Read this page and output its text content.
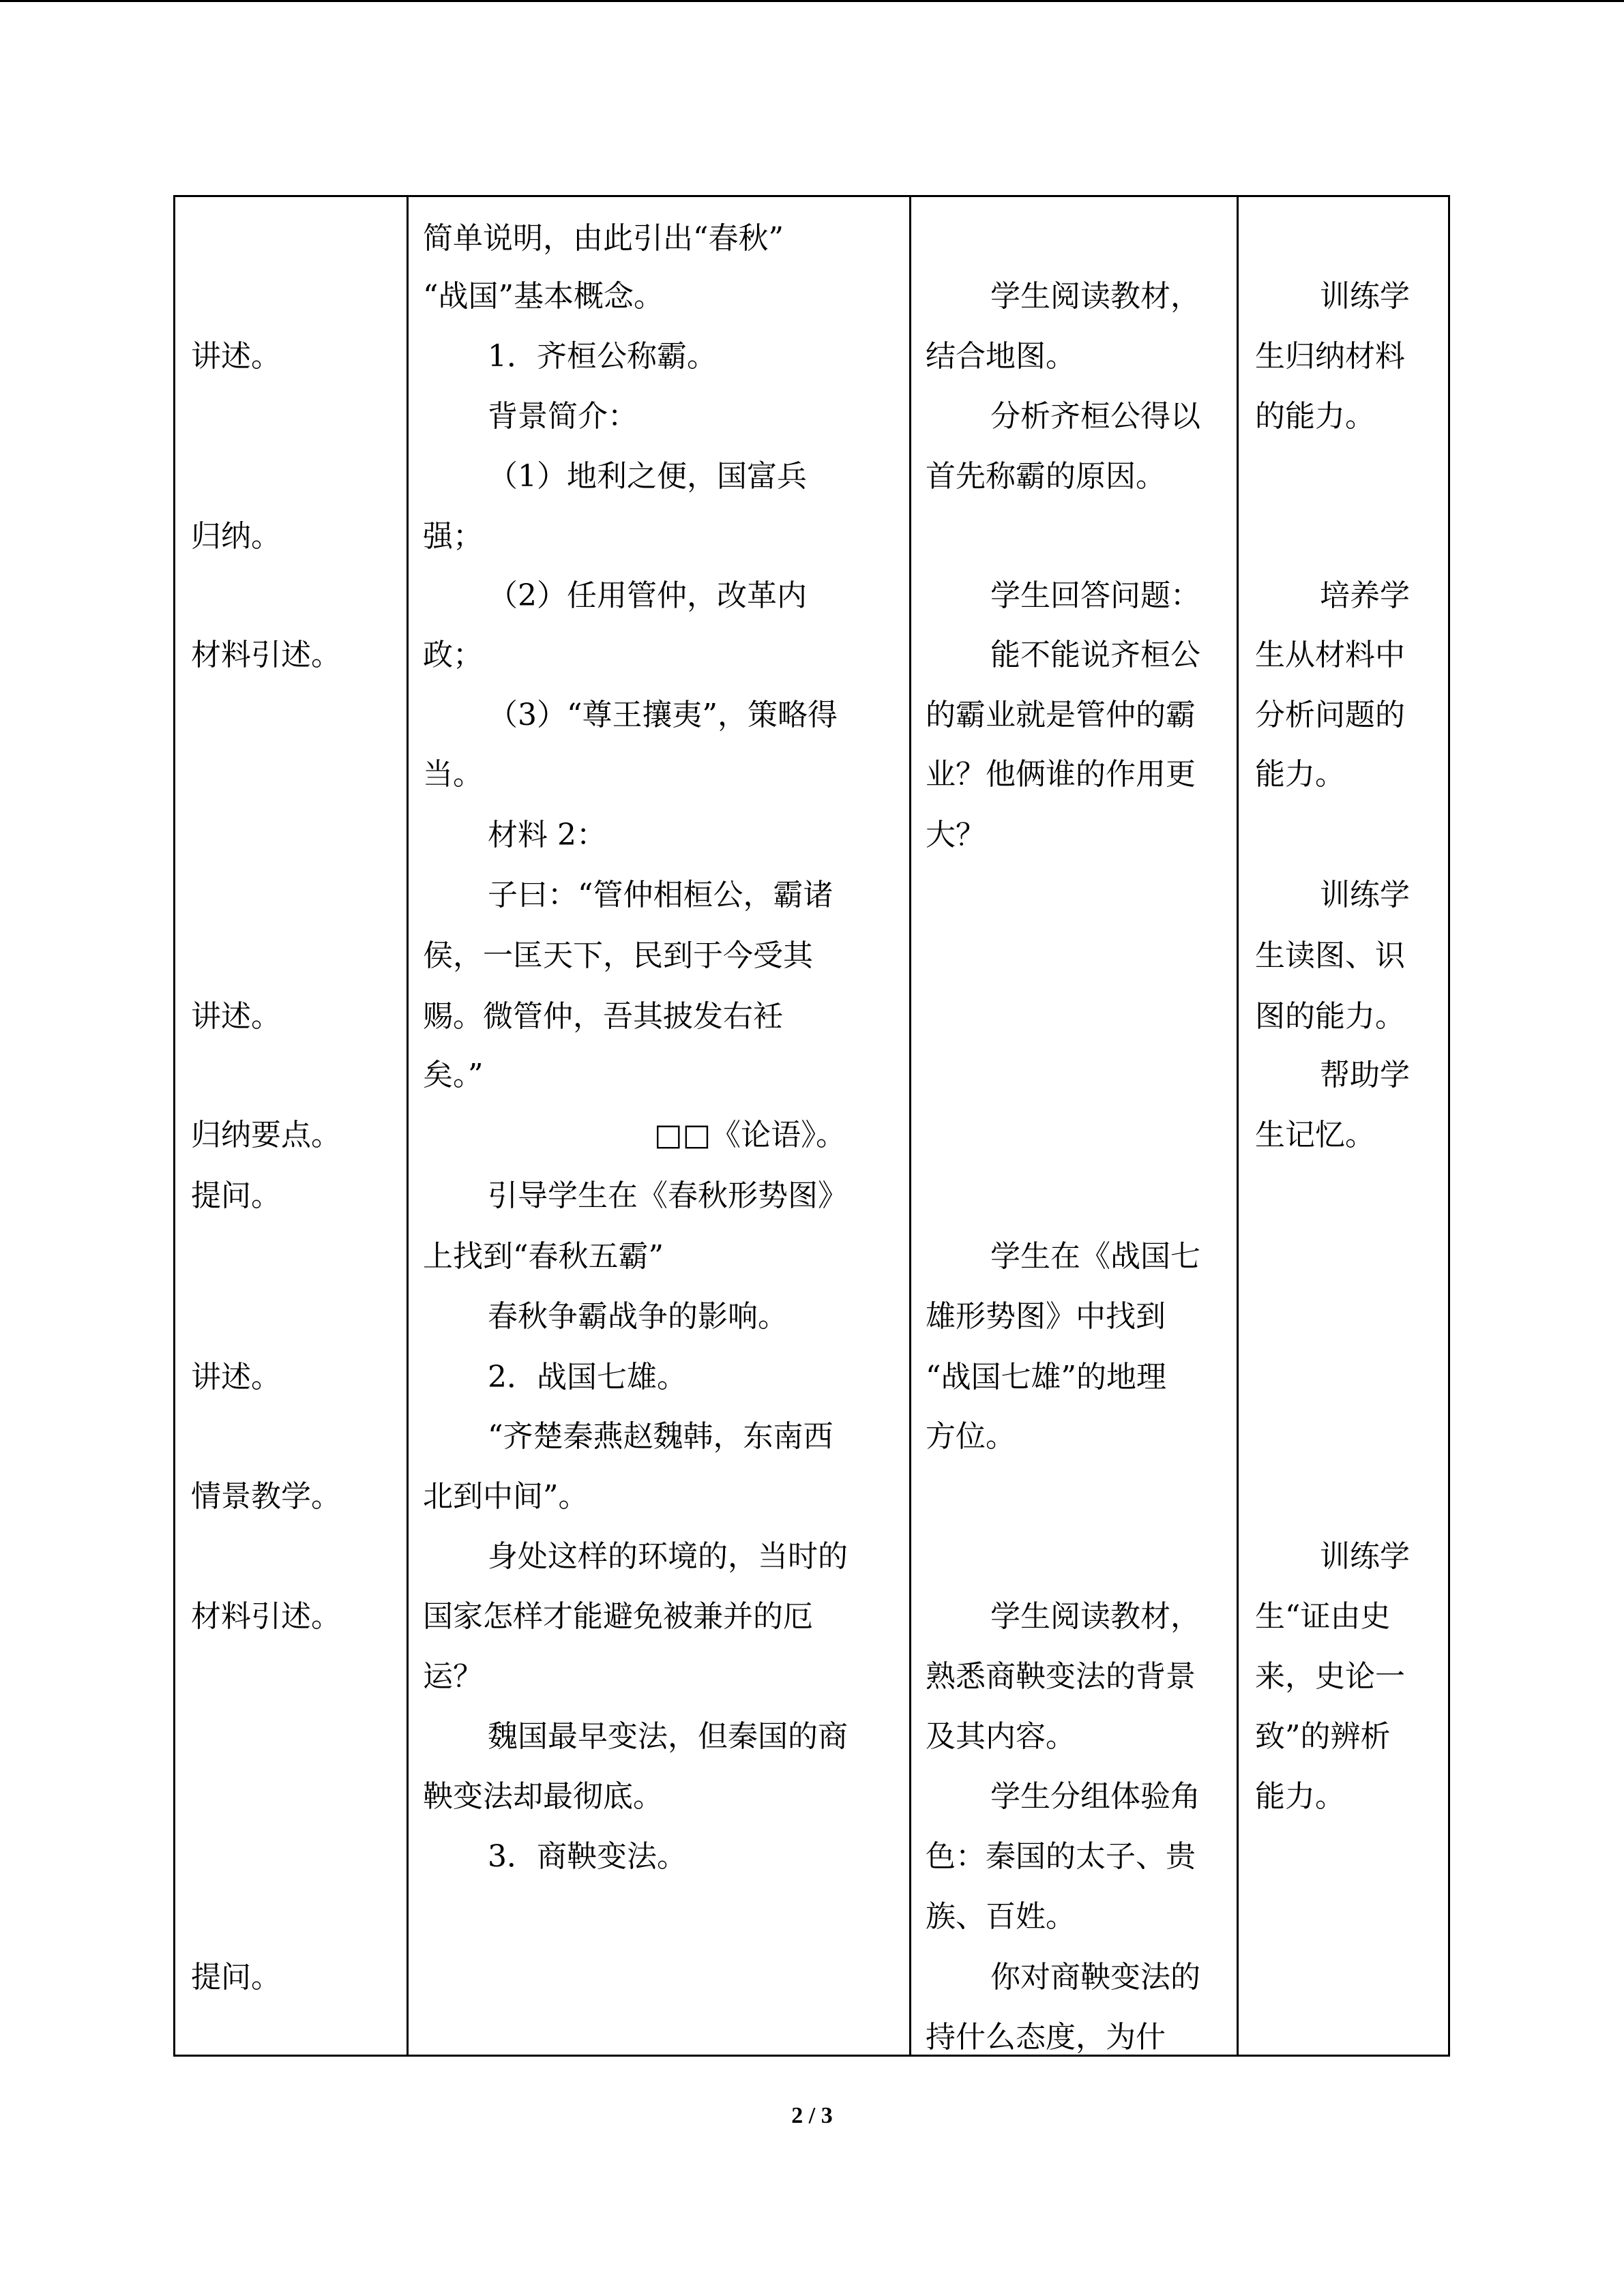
讲述。
归纳。
材料引述。
讲述。
归纳要点。
提问。
讲述。
情景教学。
材料引述。
提问。
简单说明，由此引出“春秋”
“战国”基本概念。
1．齐桓公称霸。
背景简介：
（1）地利之便，国富兵
强；
（2）任用管仲，改革内
政；
（3）“尊王攘夷”，策略得
当。
材料 2：
子曰：“管仲相桓公，霸诸
侯，一匡天下，民到于今受其
赐。微管仲，吾其披发右衽
矣。”
□□《论语》。
引导学生在《春秋形势图》
上找到“春秋五霸”
春秋争霸战争的影响。
2．战国七雄。
“齐楚秦燕赵魏韩，东南西
北到中间”。
身处这样的环境的，当时的
国家怎样才能避免被兼并的厄
运？
魏国最早变法，但秦国的商
鞅变法却最彻底。
3．商鞅变法。
学生阅读教材，
结合地图。
分析齐桓公得以
首先称霸的原因。
学生回答问题：
能不能说齐桓公
的霸业就是管仲的霸
业？他俩谁的作用更
大？
学生在《战国七
雄形势图》中找到
“战国七雄”的地理
方位。
学生阅读教材，
熟悉商鞅变法的背景
及其内容。
学生分组体验角
色：秦国的太子、贵
族、百姓。
你对商鞅变法的
持什么态度，为什
训练学
生归纳材料
的能力。
培养学
生从材料中
分析问题的
能力。
训练学
生读图、识
图的能力。
帮助学
生记忆。
训练学
生“证由史
来，史论一
致”的辨析
能力。
2 / 3
